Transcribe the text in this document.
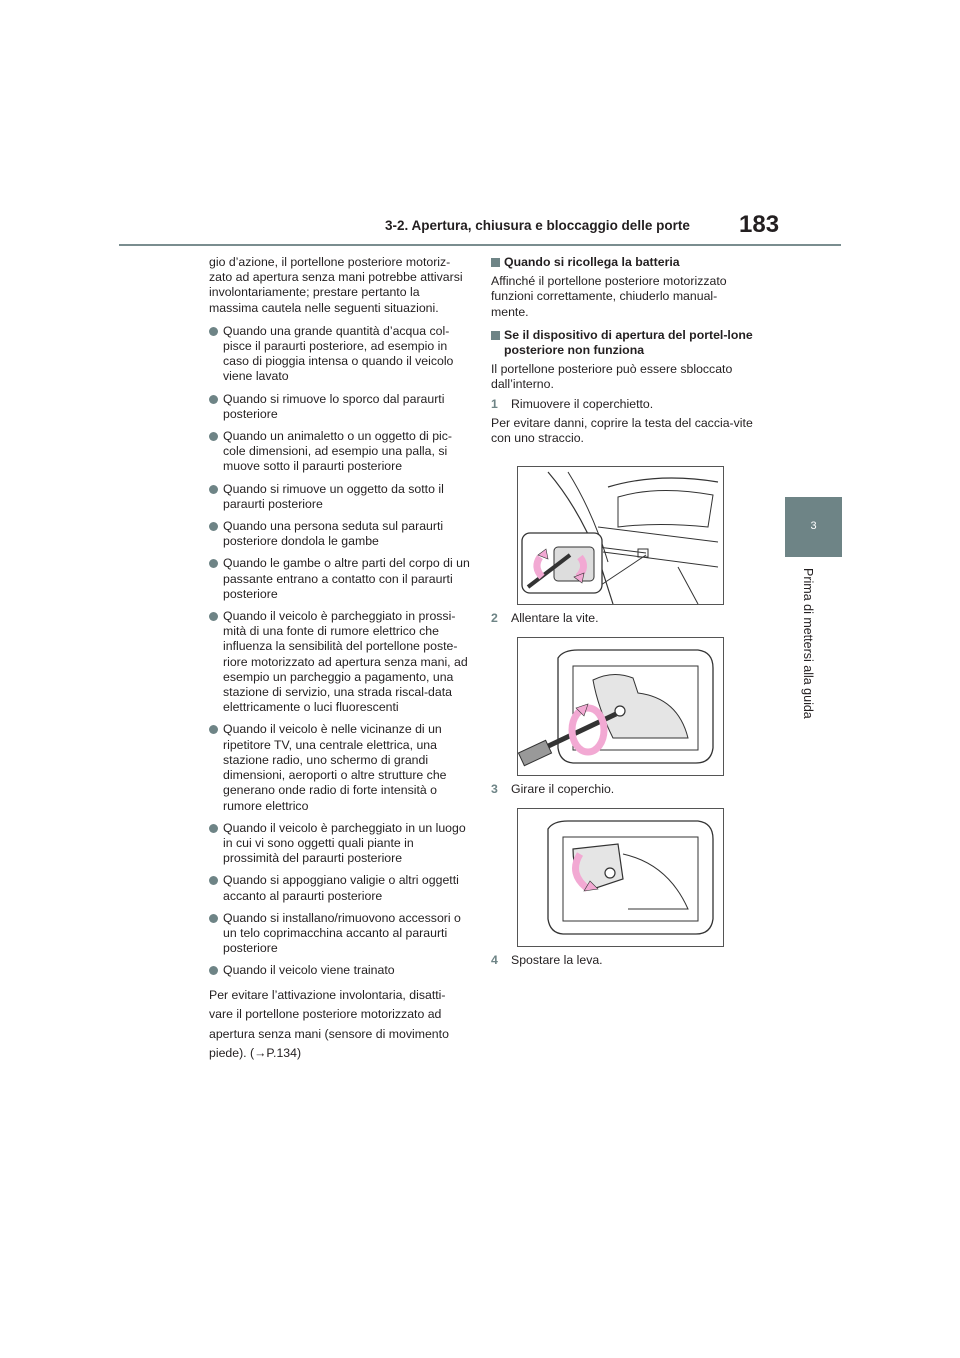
3-2. Apertura, chiusura e bloccaggio delle porte 183
3
Prima di mettersi alla guida

gio d’azione, il portellone posteriore motoriz-zato ad apertura senza mani potrebbe attivarsi involontariamente; prestare pertanto la massima cautela nelle seguenti situazioni.

Quando una grande quantità d’acqua col-pisce il paraurti posteriore, ad esempio in caso di pioggia intensa o quando il veicolo viene lavato
Quando si rimuove lo sporco dal paraurti posteriore
Quando un animaletto o un oggetto di pic-cole dimensioni, ad esempio una palla, si muove sotto il paraurti posteriore
Quando si rimuove un oggetto da sotto il paraurti posteriore
Quando una persona seduta sul paraurti posteriore dondola le gambe
Quando le gambe o altre parti del corpo di un passante entrano a contatto con il paraurti posteriore
Quando il veicolo è parcheggiato in prossi-mità di una fonte di rumore elettrico che influenza la sensibilità del portellone poste-riore motorizzato ad apertura senza mani, ad esempio un parcheggio a pagamento, una stazione di servizio, una strada riscal-data elettricamente o luci fluorescenti
Quando il veicolo è nelle vicinanze di un ripetitore TV, una centrale elettrica, una stazione radio, uno schermo di grandi dimensioni, aeroporti o altre strutture che generano onde radio di forte intensità o rumore elettrico
Quando il veicolo è parcheggiato in un luogo in cui vi sono oggetti quali piante in prossimità del paraurti posteriore
Quando si appoggiano valigie o altri oggetti accanto al paraurti posteriore
Quando si installano/rimuovono accessori o un telo coprimacchina accanto al paraurti posteriore
Quando il veicolo viene trainato

Per evitare l’attivazione involontaria, disatti-

vare il portellone posteriore motorizzato ad

apertura senza mani (sensore di movimento

piede). (→P.134)

Quando si ricollega la batteria

Affinché il portellone posteriore motorizzato funzioni correttamente, chiuderlo manual-mente.

Se il dispositivo di apertura del portel-lone posteriore non funziona

Il portellone posteriore può essere sbloccato dall’interno.

1 Rimuovere il coperchietto.

Per evitare danni, coprire la testa del caccia-vite con uno straccio.

2 Allentare la vite.
3 Girare il coperchio.
4 Spostare la leva.
